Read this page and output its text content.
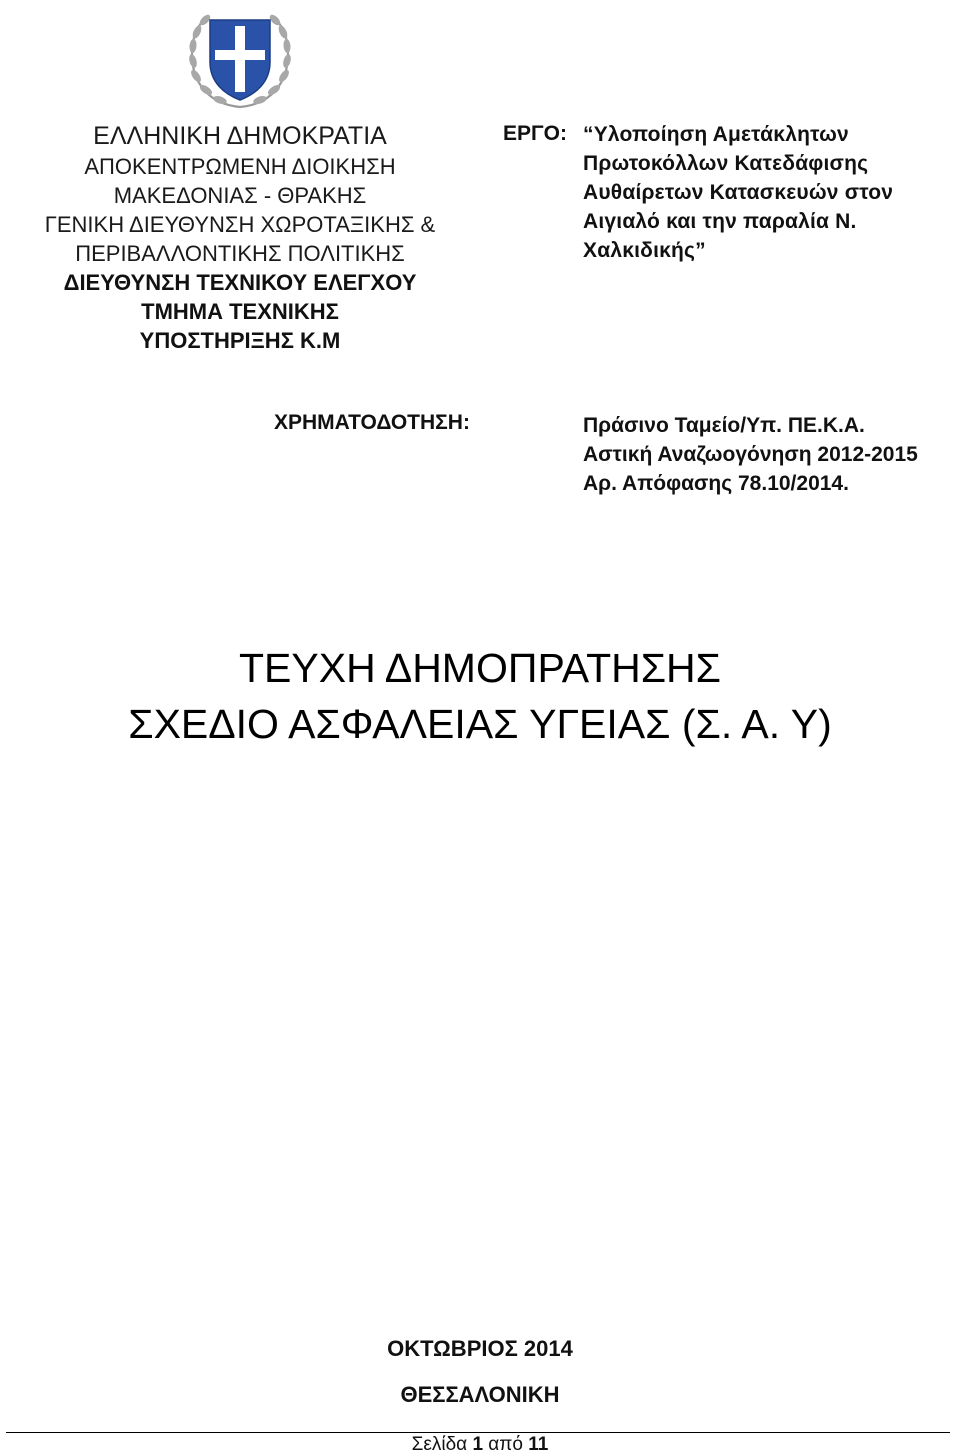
ΕΛΛΗΝΙΚΗ ΔΗΜΟΚΡΑΤΙΑ
ΑΠΟΚΕΝΤΡΩΜΕΝΗ ΔΙΟΙΚΗΣΗ
ΜΑΚΕΔΟΝΙΑΣ - ΘΡΑΚΗΣ
ΓΕΝΙΚΗ ΔΙΕΥΘΥΝΣΗ ΧΩΡΟΤΑΞΙΚΗΣ &
ΠΕΡΙΒΑΛΛΟΝΤΙΚΗΣ ΠΟΛΙΤΙΚΗΣ
ΔΙΕΥΘΥΝΣΗ ΤΕΧΝΙΚΟΥ ΕΛΕΓΧΟΥ
ΤΜΗΜΑ ΤΕΧΝΙΚΗΣ
ΥΠΟΣΤΗΡΙΞΗΣ Κ.Μ
ΕΡΓΟ: “Υλοποίηση Αμετάκλητων
Πρωτοκόλλων Κατεδάφισης
Αυθαίρετων Κατασκευών στον
Αιγιαλό και την παραλία Ν.
Χαλκιδικής”
ΧΡΗΜΑΤΟΔΟΤΗΣΗ:	Πράσινο Ταμείο/Υπ. ΠΕ.Κ.Α.
Αστική Αναζωογόνηση 2012-2015
Αρ. Απόφασης 78.10/2014.
ΤΕΥΧΗ ΔΗΜΟΠΡΑΤΗΣΗΣ
ΣΧΕΔΙΟ ΑΣΦΑΛΕΙΑΣ ΥΓΕΙΑΣ (Σ. Α. Υ)
ΟΚΤΩΒΡΙΟΣ 2014
ΘΕΣΣΑΛΟΝΙΚΗ
Σελίδα 1 από 11
